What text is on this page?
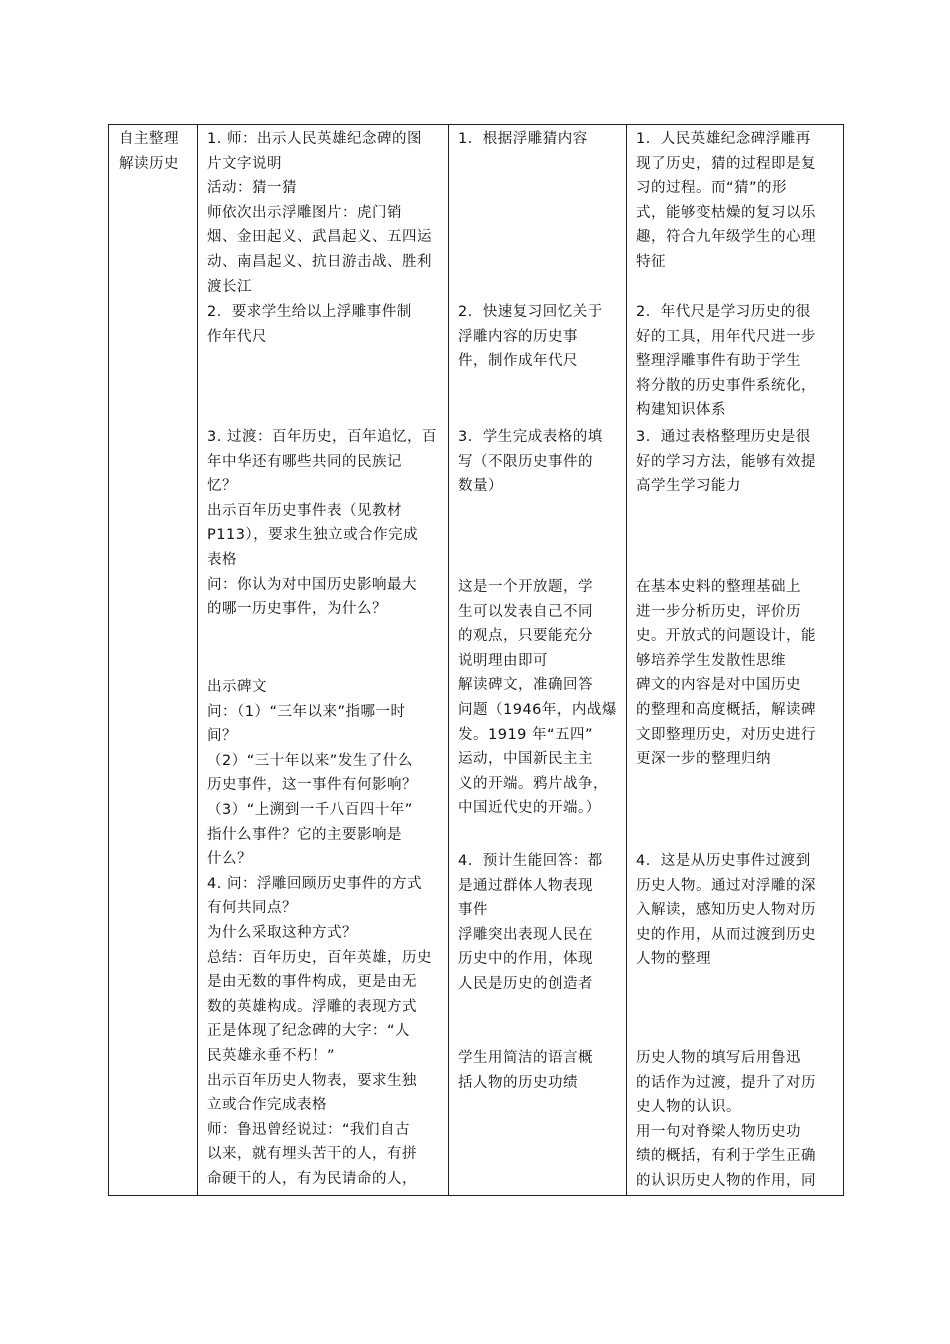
自主整理
解读历史
1. 师：出示人民英雄纪念碑的图
片文字说明
活动：猜一猜
师依次出示浮雕图片：虎门销
烟、金田起义、武昌起义、五四运
动、南昌起义、抗日游击战、胜利
渡长江
2．要求学生给以上浮雕事件制
作年代尺
3. 过渡：百年历史，百年追忆，百
年中华还有哪些共同的民族记
忆？
出示百年历史事件表（见教材
P113），要求生独立或合作完成
表格
问：你认为对中国历史影响最大
的哪一历史事件，为什么？
出示碑文
问：（1）“三年以来”指哪一时
间？
（2）“三十年以来”发生了什么
历史事件，这一事件有何影响？
（3）“上溯到一千八百四十年”
指什么事件？它的主要影响是
什么？
4. 问：浮雕回顾历史事件的方式
有何共同点？
为什么采取这种方式？
总结：百年历史，百年英雄，历史
是由无数的事件构成，更是由无
数的英雄构成。浮雕的表现方式
正是体现了纪念碑的大字：“人
民英雄永垂不朽！”
出示百年历史人物表，要求生独
立或合作完成表格
师：鲁迅曾经说过：“我们自古
以来，就有埋头苦干的人，有拼
命硬干的人，有为民请命的人，
1．根据浮雕猜内容
2．快速复习回忆关于
浮雕内容的历史事
件，制作成年代尺
3．学生完成表格的填
写（不限历史事件的
数量）
这是一个开放题，学
生可以发表自己不同
的观点，只要能充分
说明理由即可
解读碑文，准确回答
问题（1946年，内战爆
发。1919 年“五四”
运动，中国新民主主
义的开端。鸦片战争，
中国近代史的开端。）
4．预计生能回答：都
是通过群体人物表现
事件
浮雕突出表现人民在
历史中的作用，体现
人民是历史的创造者
学生用简洁的语言概
括人物的历史功绩
1．人民英雄纪念碑浮雕再
现了历史，猜的过程即是复
习的过程。而“猜”的形
式，能够变枯燥的复习以乐
趣，符合九年级学生的心理
特征
2．年代尺是学习历史的很
好的工具，用年代尺进一步
整理浮雕事件有助于学生
将分散的历史事件系统化，
构建知识体系
3．通过表格整理历史是很
好的学习方法，能够有效提
高学生学习能力
在基本史料的整理基础上
进一步分析历史，评价历
史。开放式的问题设计，能
够培养学生发散性思维
碑文的内容是对中国历史
的整理和高度概括，解读碑
文即整理历史，对历史进行
更深一步的整理归纳
4．这是从历史事件过渡到
历史人物。通过对浮雕的深
入解读，感知历史人物对历
史的作用，从而过渡到历史
人物的整理
历史人物的填写后用鲁迅
的话作为过渡，提升了对历
史人物的认识。
用一句对脊梁人物历史功
绩的概括，有利于学生正确
的认识历史人物的作用，同
